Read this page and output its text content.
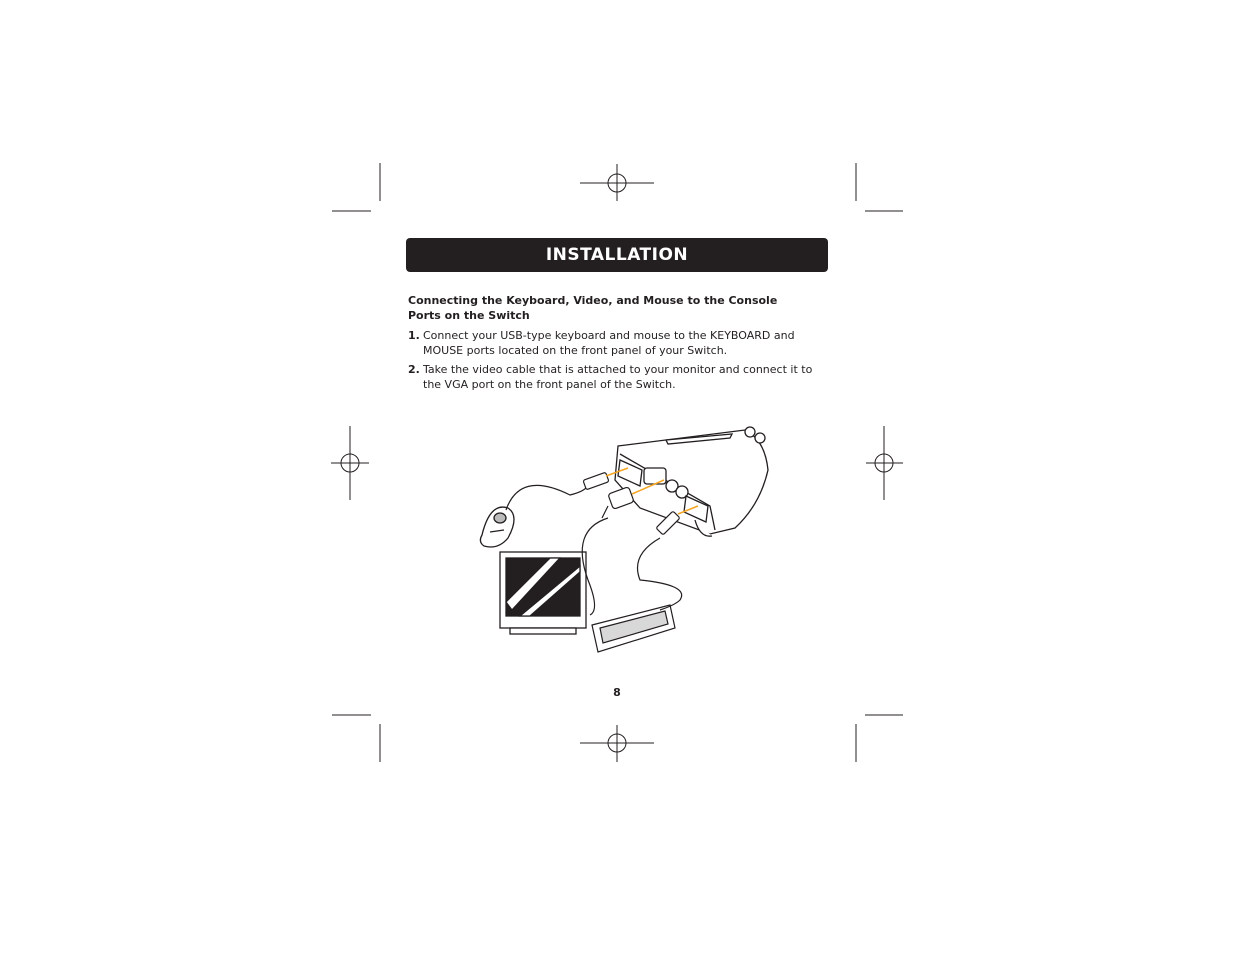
INSTALLATION

Connecting the Keyboard, Video, and Mouse to the Console Ports on the Switch

1. Connect your USB-type keyboard and mouse to the KEYBOARD and MOUSE ports located on the front panel of your Switch.
2. Take the video cable that is attached to your monitor and connect it to the VGA port on the front panel of the Switch.
8
